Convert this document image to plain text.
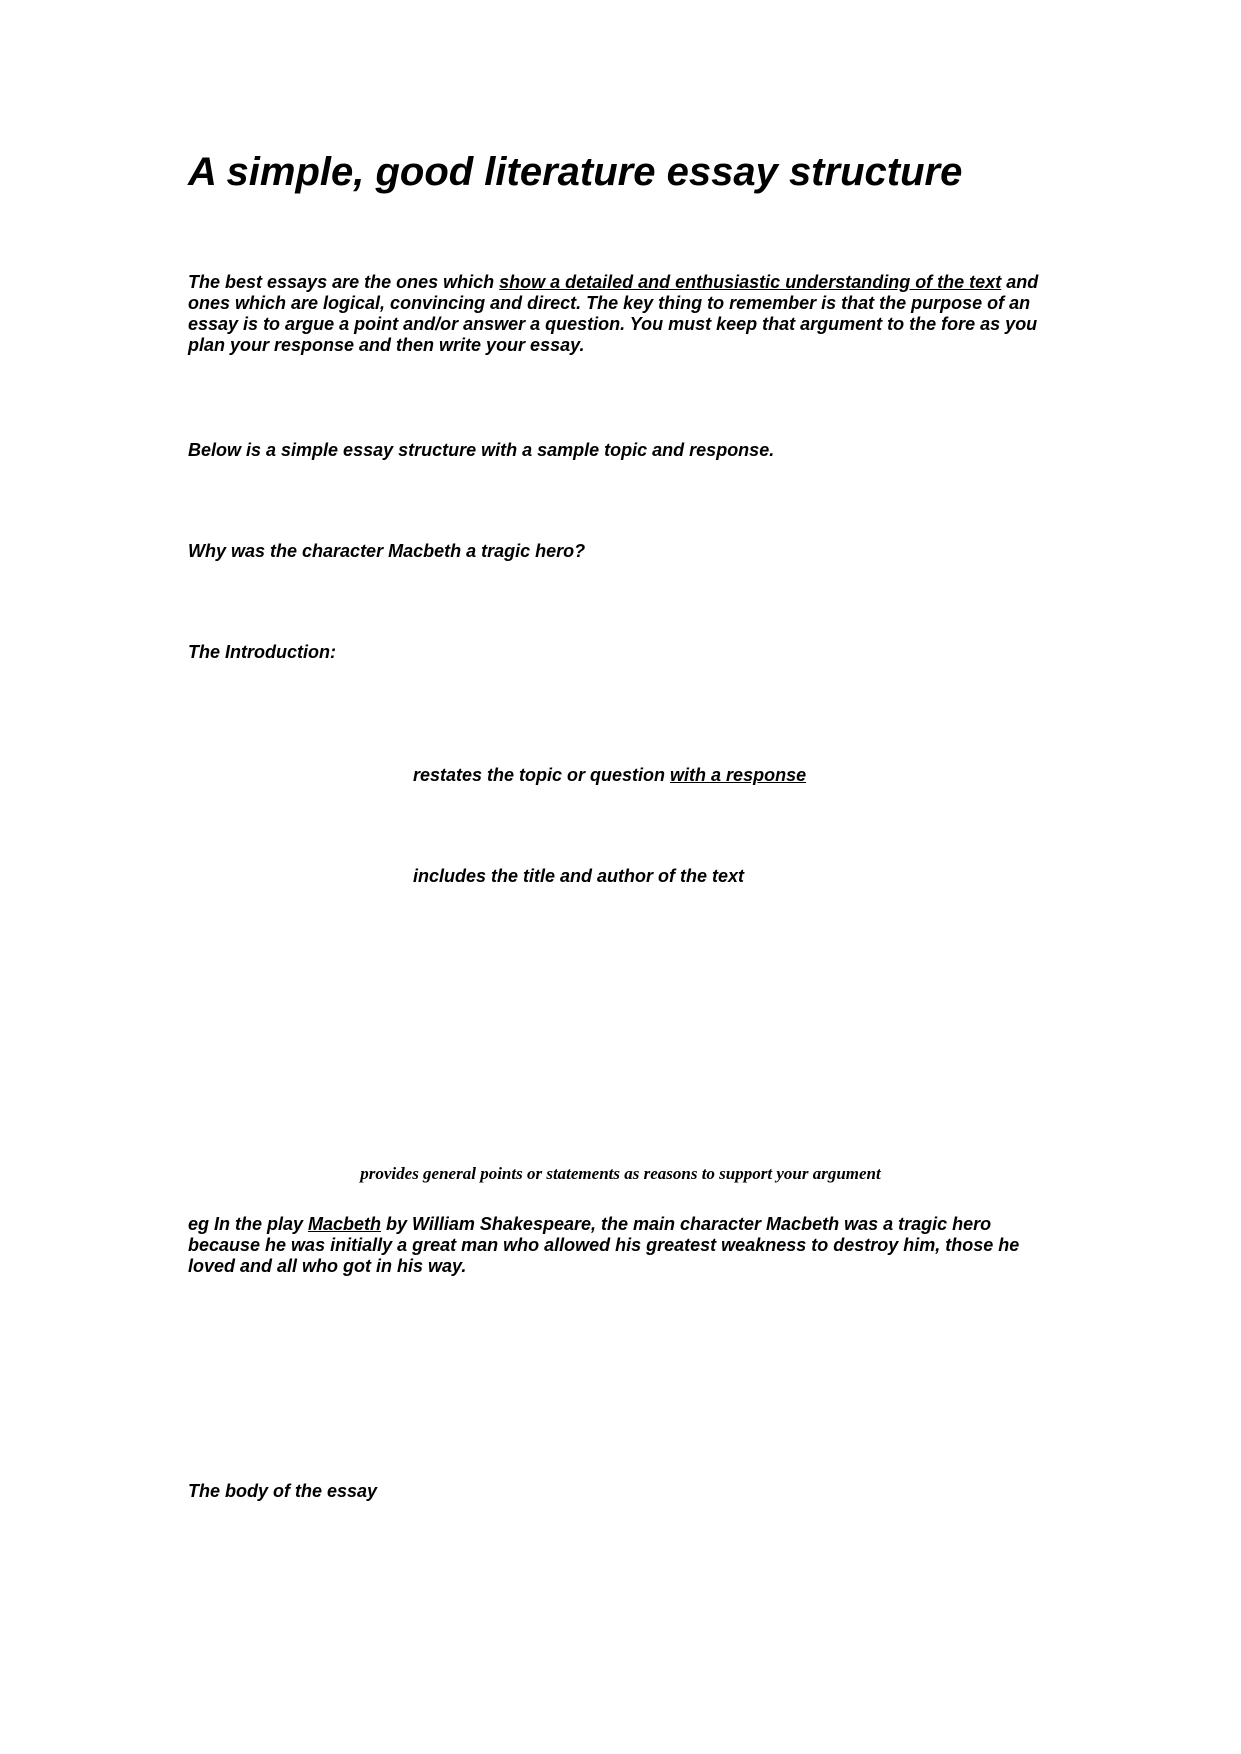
A simple, good literature essay structure

The best essays are the ones which show a detailed and enthusiastic understanding of the text and ones which are logical, convincing and direct. The key thing to remember is that the purpose of an essay is to argue a point and/or answer a question. You must keep that argument to the fore as you plan your response and then write your essay.

Below is a simple essay structure with a sample topic and response.

Why was the character Macbeth a tragic hero?

The Introduction:

restates the topic or question with a response

includes the title and author of the text

provides general points or statements as reasons to support your argument

eg In the play Macbeth by William Shakespeare, the main character Macbeth was a tragic hero because he was initially a great man who allowed his greatest weakness to destroy him, those he loved and all who got in his way.

The body of the essay
